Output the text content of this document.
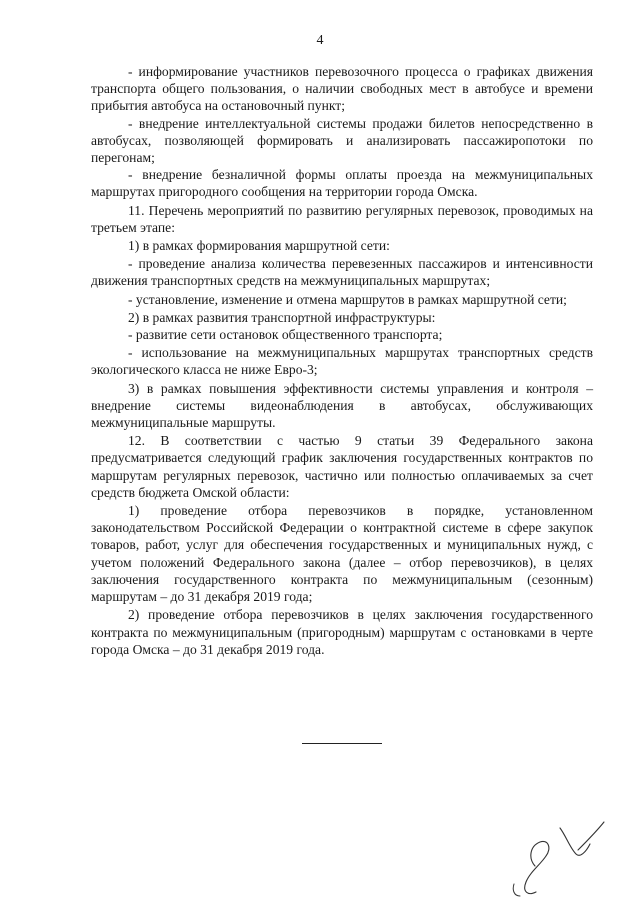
4

- информирование участников перевозочного процесса о графиках движения транспорта общего пользования, о наличии свободных мест в автобусе и времени прибытия автобуса на остановочный пункт;

- внедрение интеллектуальной системы продажи билетов непосредственно в автобусах, позволяющей формировать и анализировать пассажиропотоки по перегонам;

- внедрение безналичной формы оплаты проезда на межмуниципальных маршрутах пригородного сообщения на территории города Омска.

11. Перечень мероприятий по развитию регулярных перевозок, проводимых на третьем этапе:

1) в рамках формирования маршрутной сети:

- проведение анализа количества перевезенных пассажиров и интенсивности движения транспортных средств на межмуниципальных маршрутах;

- установление, изменение и отмена маршрутов в рамках маршрутной сети;

2) в рамках развития транспортной инфраструктуры:

- развитие сети остановок общественного транспорта;

- использование на межмуниципальных маршрутах транспортных средств экологического класса не ниже Евро-3;

3) в рамках повышения эффективности системы управления и контроля – внедрение системы видеонаблюдения в автобусах, обслуживающих межмуниципальные маршруты.

12. В соответствии с частью 9 статьи 39 Федерального закона предусматривается следующий график заключения государственных контрактов по маршрутам регулярных перевозок, частично или полностью оплачиваемых за счет средств бюджета Омской области:

1) проведение отбора перевозчиков в порядке, установленном законодательством Российской Федерации о контрактной системе в сфере закупок товаров, работ, услуг для обеспечения государственных и муниципальных нужд, с учетом положений Федерального закона (далее – отбор перевозчиков), в целях заключения государственного контракта по межмуниципальным (сезонным) маршрутам – до 31 декабря 2019 года;

2) проведение отбора перевозчиков в целях заключения государственного контракта по межмуниципальным (пригородным) маршрутам с остановками в черте города Омска – до 31 декабря 2019 года.
